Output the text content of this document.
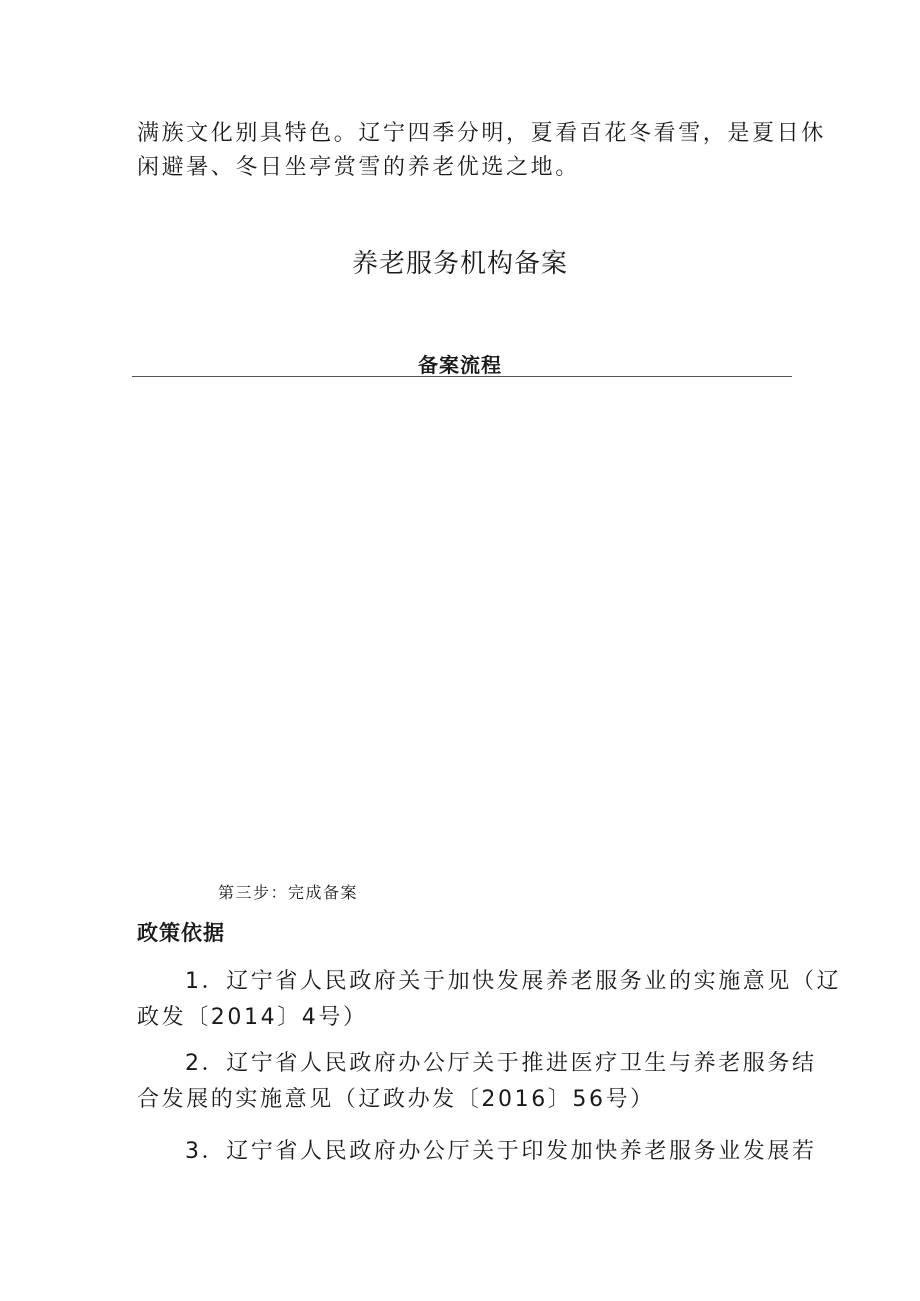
满族文化别具特色。辽宁四季分明，夏看百花冬看雪，是夏日休
闲避暑、冬日坐亭赏雪的养老优选之地。

养老服务机构备案
备案流程

第三步：完成备案

政策依据

1．辽宁省人民政府关于加快发展养老服务业的实施意见（辽
政发〔2014〕4号）

2．辽宁省人民政府办公厅关于推进医疗卫生与养老服务结
合发展的实施意见（辽政办发〔2016〕56号）

3．辽宁省人民政府办公厅关于印发加快养老服务业发展若
